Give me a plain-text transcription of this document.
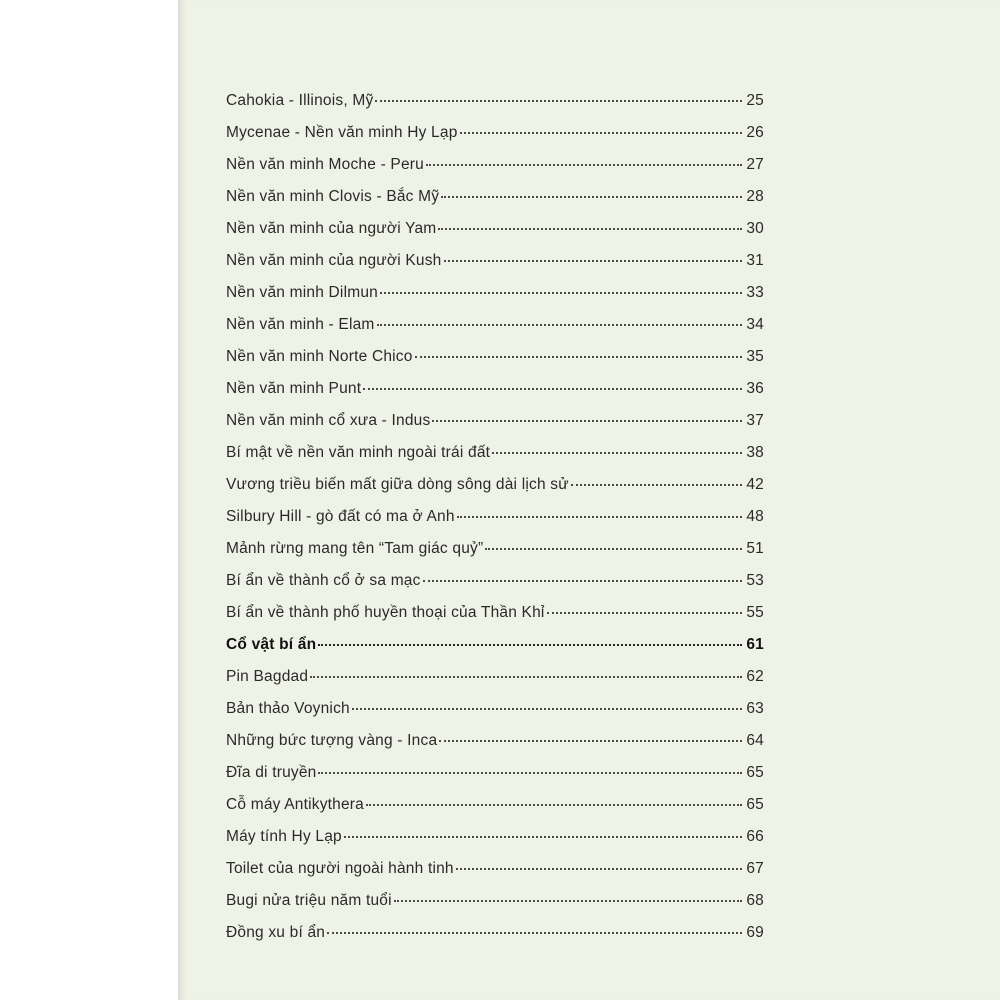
Cahokia - Illinois, Mỹ	25
Mycenae - Nền văn minh Hy Lạp	26
Nền văn minh Moche - Peru	27
Nền văn minh Clovis - Bắc Mỹ	28
Nền văn minh của người Yam	30
Nền văn minh của người Kush	31
Nền văn minh Dilmun	33
Nền văn minh - Elam	34
Nền văn minh Norte Chico	35
Nền văn minh Punt	36
Nền văn minh cổ xưa - Indus	37
Bí mật về nền văn minh ngoài trái đất	38
Vương triều biến mất giữa dòng sông dài lịch sử	42
Silbury Hill - gò đất có ma ở Anh	48
Mảnh rừng mang tên “Tam giác quỷ”	51
Bí ẩn về thành cổ ở sa mạc	53
Bí ẩn về thành phố huyền thoại của Thần Khỉ	55
Cổ vật bí ẩn	61
Pin Bagdad	62
Bản thảo Voynich	63
Những bức tượng vàng - Inca	64
Đĩa di truyền	65
Cỗ máy Antikythera	65
Máy tính Hy Lạp	66
Toilet của người ngoài hành tinh	67
Bugi nửa triệu năm tuổi	68
Đồng xu bí ẩn	69
